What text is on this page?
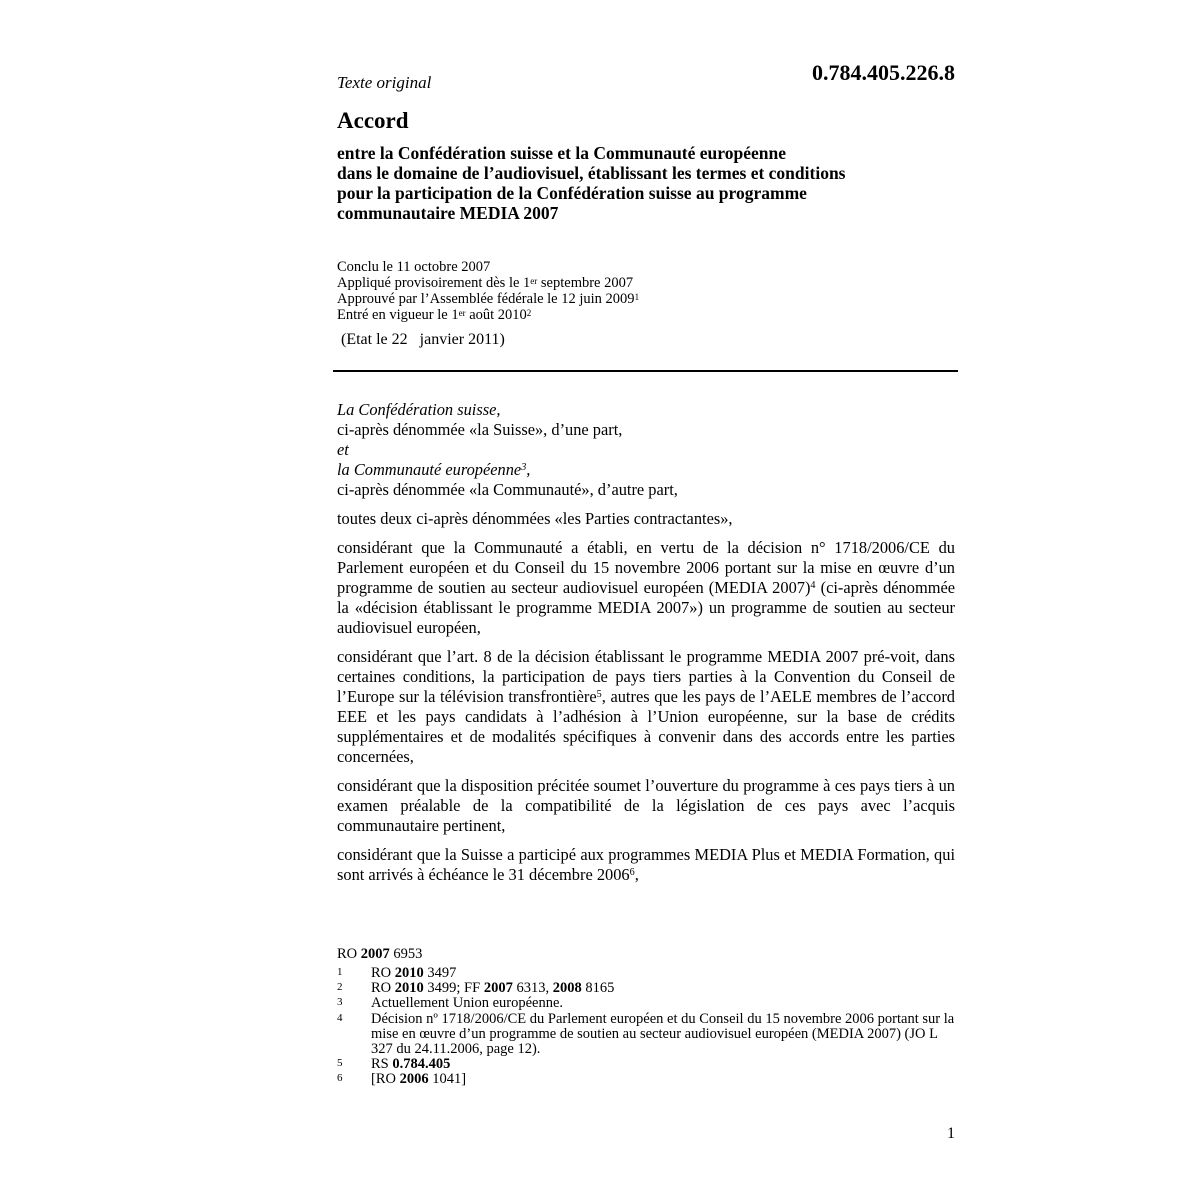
Texte original	0.784.405.226.8
Accord
entre la Confédération suisse et la Communauté européenne
dans le domaine de l’audiovisuel, établissant les termes et conditions
pour la participation de la Confédération suisse au programme
communautaire MEDIA 2007
Conclu le 11 octobre 2007
Appliqué provisoirement dès le 1er septembre 2007
Approuvé par l’Assemblée fédérale le 12 juin 2009$^1$
Entré en vigueur le 1er août 2010$^2$
(Etat le 22   janvier 2011)

La Confédération suisse,

ci-après dénommée «la Suisse», d’une part,

et

la Communauté européenne$^3$,

ci-après dénommée «la Communauté», d’autre part,

toutes deux ci-après dénommées «les Parties contractantes»,

considérant que la Communauté a établi, en vertu de la décision n° 1718/2006/CE du Parlement européen et du Conseil du 15 novembre 2006 portant sur la mise en œuvre d’un programme de soutien au secteur audiovisuel européen (MEDIA 2007)$^4$ (ci-après dénommée la «décision établissant le programme MEDIA 2007») un programme de soutien au secteur audiovisuel européen,

considérant que l’art. 8 de la décision établissant le programme MEDIA 2007 pré-voit, dans certaines conditions, la participation de pays tiers parties à la Convention du Conseil de l’Europe sur la télévision transfrontière$^5$, autres que les pays de l’AELE membres de l’accord EEE et les pays candidats à l’adhésion à l’Union européenne, sur la base de crédits supplémentaires et de modalités spécifiques à convenir dans des accords entre les parties concernées,

considérant que la disposition précitée soumet l’ouverture du programme à ces pays tiers à un examen préalable de la compatibilité de la législation de ces pays avec l’acquis communautaire pertinent,

considérant que la Suisse a participé aux programmes MEDIA Plus et MEDIA Formation, qui sont arrivés à échéance le 31 décembre 2006$^6$,

RO 2007 6953
1	RO 2010 3497
2	RO 2010 3499; FF 2007 6313, 2008 8165
3	Actuellement Union européenne.
4	Décision nº 1718/2006/CE du Parlement européen et du Conseil du 15 novembre 2006 portant sur la mise en œuvre d’un programme de soutien au secteur audiovisuel européen (MEDIA 2007) (JO L 327 du 24.11.2006, page 12).
5	RS 0.784.405
6	[RO 2006 1041]
1
